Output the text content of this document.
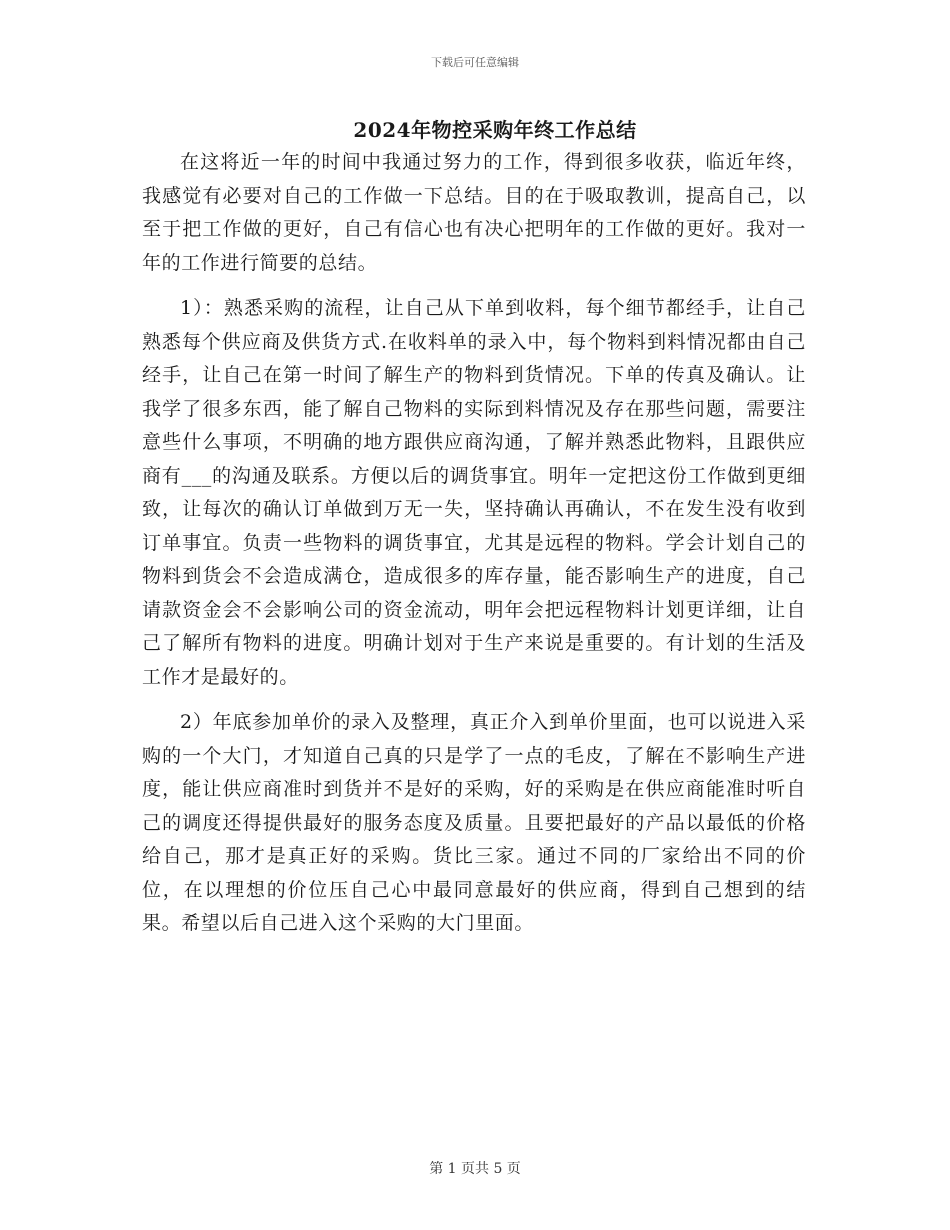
下载后可任意编辑
2024年物控采购年终工作总结

在这将近一年的时间中我通过努力的工作，得到很多收获，临近年终，我感觉有必要对自己的工作做一下总结。目的在于吸取教训，提高自己，以至于把工作做的更好，自己有信心也有决心把明年的工作做的更好。我对一年的工作进行简要的总结。

1）：熟悉采购的流程，让自己从下单到收料，每个细节都经手，让自己熟悉每个供应商及供货方式.在收料单的录入中，每个物料到料情况都由自己经手，让自己在第一时间了解生产的物料到货情况。下单的传真及确认。让我学了很多东西，能了解自己物料的实际到料情况及存在那些问题，需要注意些什么事项，不明确的地方跟供应商沟通，了解并熟悉此物料，且跟供应商有___的沟通及联系。方便以后的调货事宜。明年一定把这份工作做到更细致，让每次的确认订单做到万无一失，坚持确认再确认，不在发生没有收到订单事宜。负责一些物料的调货事宜，尤其是远程的物料。学会计划自己的物料到货会不会造成满仓，造成很多的库存量，能否影响生产的进度，自己请款资金会不会影响公司的资金流动，明年会把远程物料计划更详细，让自己了解所有物料的进度。明确计划对于生产来说是重要的。有计划的生活及工作才是最好的。

2）年底参加单价的录入及整理，真正介入到单价里面，也可以说进入采购的一个大门，才知道自己真的只是学了一点的毛皮，了解在不影响生产进度，能让供应商准时到货并不是好的采购，好的采购是在供应商能准时听自己的调度还得提供最好的服务态度及质量。且要把最好的产品以最低的价格给自己，那才是真正好的采购。货比三家。通过不同的厂家给出不同的价位，在以理想的价位压自己心中最同意最好的供应商，得到自己想到的结果。希望以后自己进入这个采购的大门里面。

第 1 页共 5 页
